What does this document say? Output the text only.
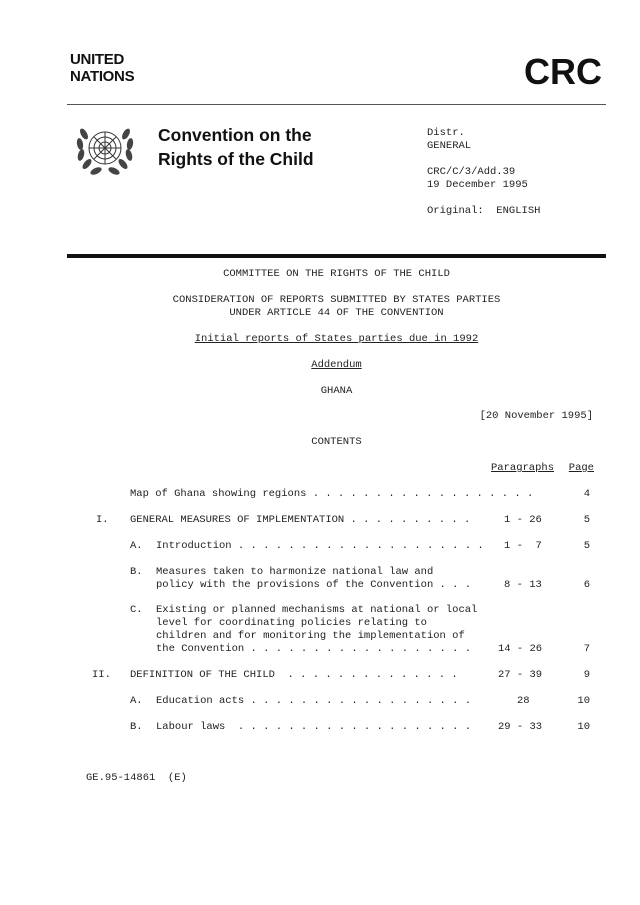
UNITED
NATIONS	CRC
Convention on the
Rights of the Child
Distr.
GENERAL
CRC/C/3/Add.39
19 December 1995
Original:  ENGLISH
COMMITTEE ON THE RIGHTS OF THE CHILD
CONSIDERATION OF REPORTS SUBMITTED BY STATES PARTIES
UNDER ARTICLE 44 OF THE CONVENTION
Initial reports of States parties due in 1992
Addendum
GHANA
[20 November 1995]
CONTENTS
Paragraphs Page
Map of Ghana showing regions . . . . . . . . . . . . . . . . . .	4
I. GENERAL MEASURES OF IMPLEMENTATION . . . . . . . . . .	1 - 26	5
A. Introduction . . . . . . . . . . . . . . . . . . . . 1 -  7	5
B. Measures taken to harmonize national law and
policy with the provisions of the Convention . . .	8 - 13	6
C. Existing or planned mechanisms at national or local
level for coordinating policies relating to
children and for monitoring the implementation of
the Convention . . . . . . . . . . . . . . . . . .	14 - 26	7
II. DEFINITION OF THE CHILD  . . . . . . . . . . . . . .	27 - 39	9
A. Education acts . . . . . . . . . . . . . . . . . .	28	10
B. Labour laws  . . . . . . . . . . . . . . . . . . .	29 - 33	10
GE.95-14861  (E)
